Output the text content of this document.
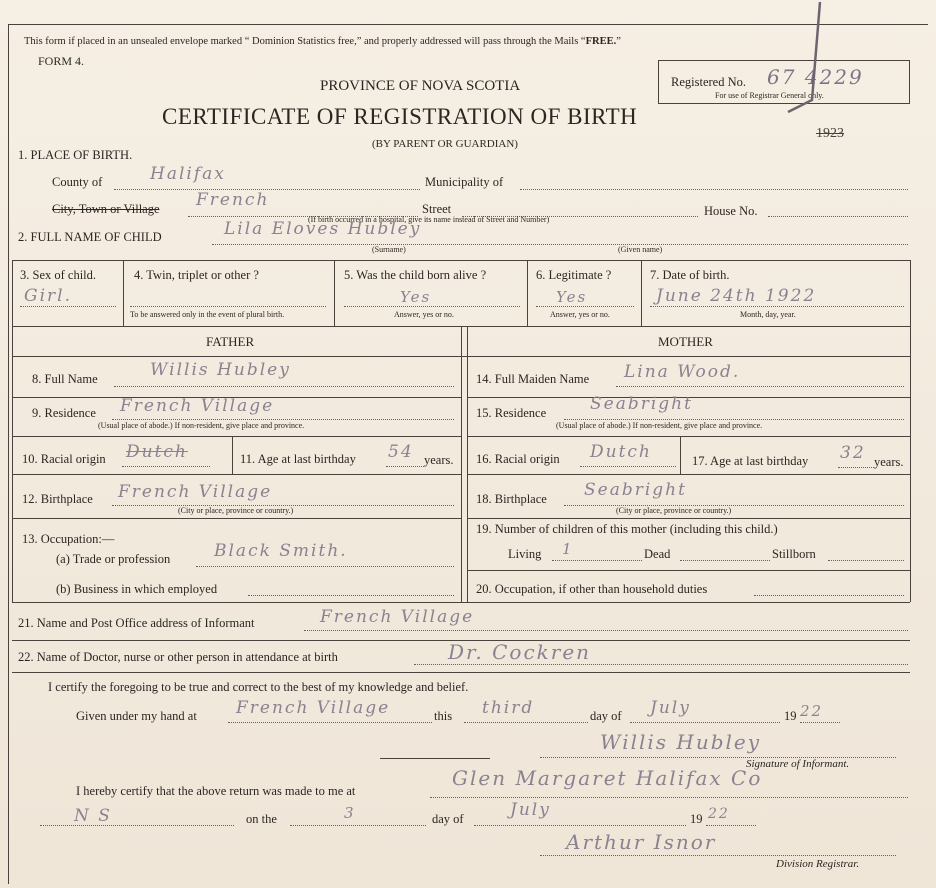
This form if placed in an unsealed envelope marked “ Dominion Statistics free,” and properly addressed will pass through the Mails “FREE.”
FORM 4.
PROVINCE OF NOVA SCOTIA
CERTIFICATE OF REGISTRATION OF BIRTH
(BY PARENT OR GUARDIAN)
Registered No. 67 4229
For use of Registrar General only.
1923
1. PLACE OF BIRTH.
County of	Halifax	Municipality of
City, Town or Village French	Street	House No.
(If birth occurred in a hospital, give its name instead of Street and Number)
2. FULL NAME OF CHILD	Lila Eloves Hubley
(Surname)	(Given name)
3. Sex of child.
Girl.
4. Twin, triplet or other ?
To be answered only in the event of plural birth.
5. Was the child born alive ?
Yes
Answer, yes or no.
6. Legitimate ?
Yes
Answer, yes or no.
7. Date of birth.
June 24th 1922
Month, day, year.
FATHER	MOTHER
8. Full Name	Willis Hubley
9. Residence French Village
(Usual place of abode.) If non-resident, give place and province.
10. Racial origin Dutch	11. Age at last birthday 54 years.
12. Birthplace French Village
(City or place, province or country.)
13. Occupation:—
(a) Trade or profession	Black Smith.
(b) Business in which employed
14. Full Maiden Name Lina Wood.
15. Residence	Seabright
(Usual place of abode.) If non-resident, give place and province.
16. Racial origin Dutch	17. Age at last birthday 32 years.
18. Birthplace Seabright
(City or place, province or country.)
19. Number of children of this mother (including this child.)
Living 1	Dead	Stillborn
20. Occupation, if other than household duties
21. Name and Post Office address of Informant	French Village
22. Name of Doctor, nurse or other person in attendance at birth	Dr. Cockren
I certify the foregoing to be true and correct to the best of my knowledge and belief.
Given under my hand at French Village	this third	day of July	19 22
Willis Hubley
Signature of Informant.
I hereby certify that the above return was made to me at
Glen Margaret Halifax Co
N S	on the	3	day of	July	19 22
Arthur Isnor
Division Registrar.
